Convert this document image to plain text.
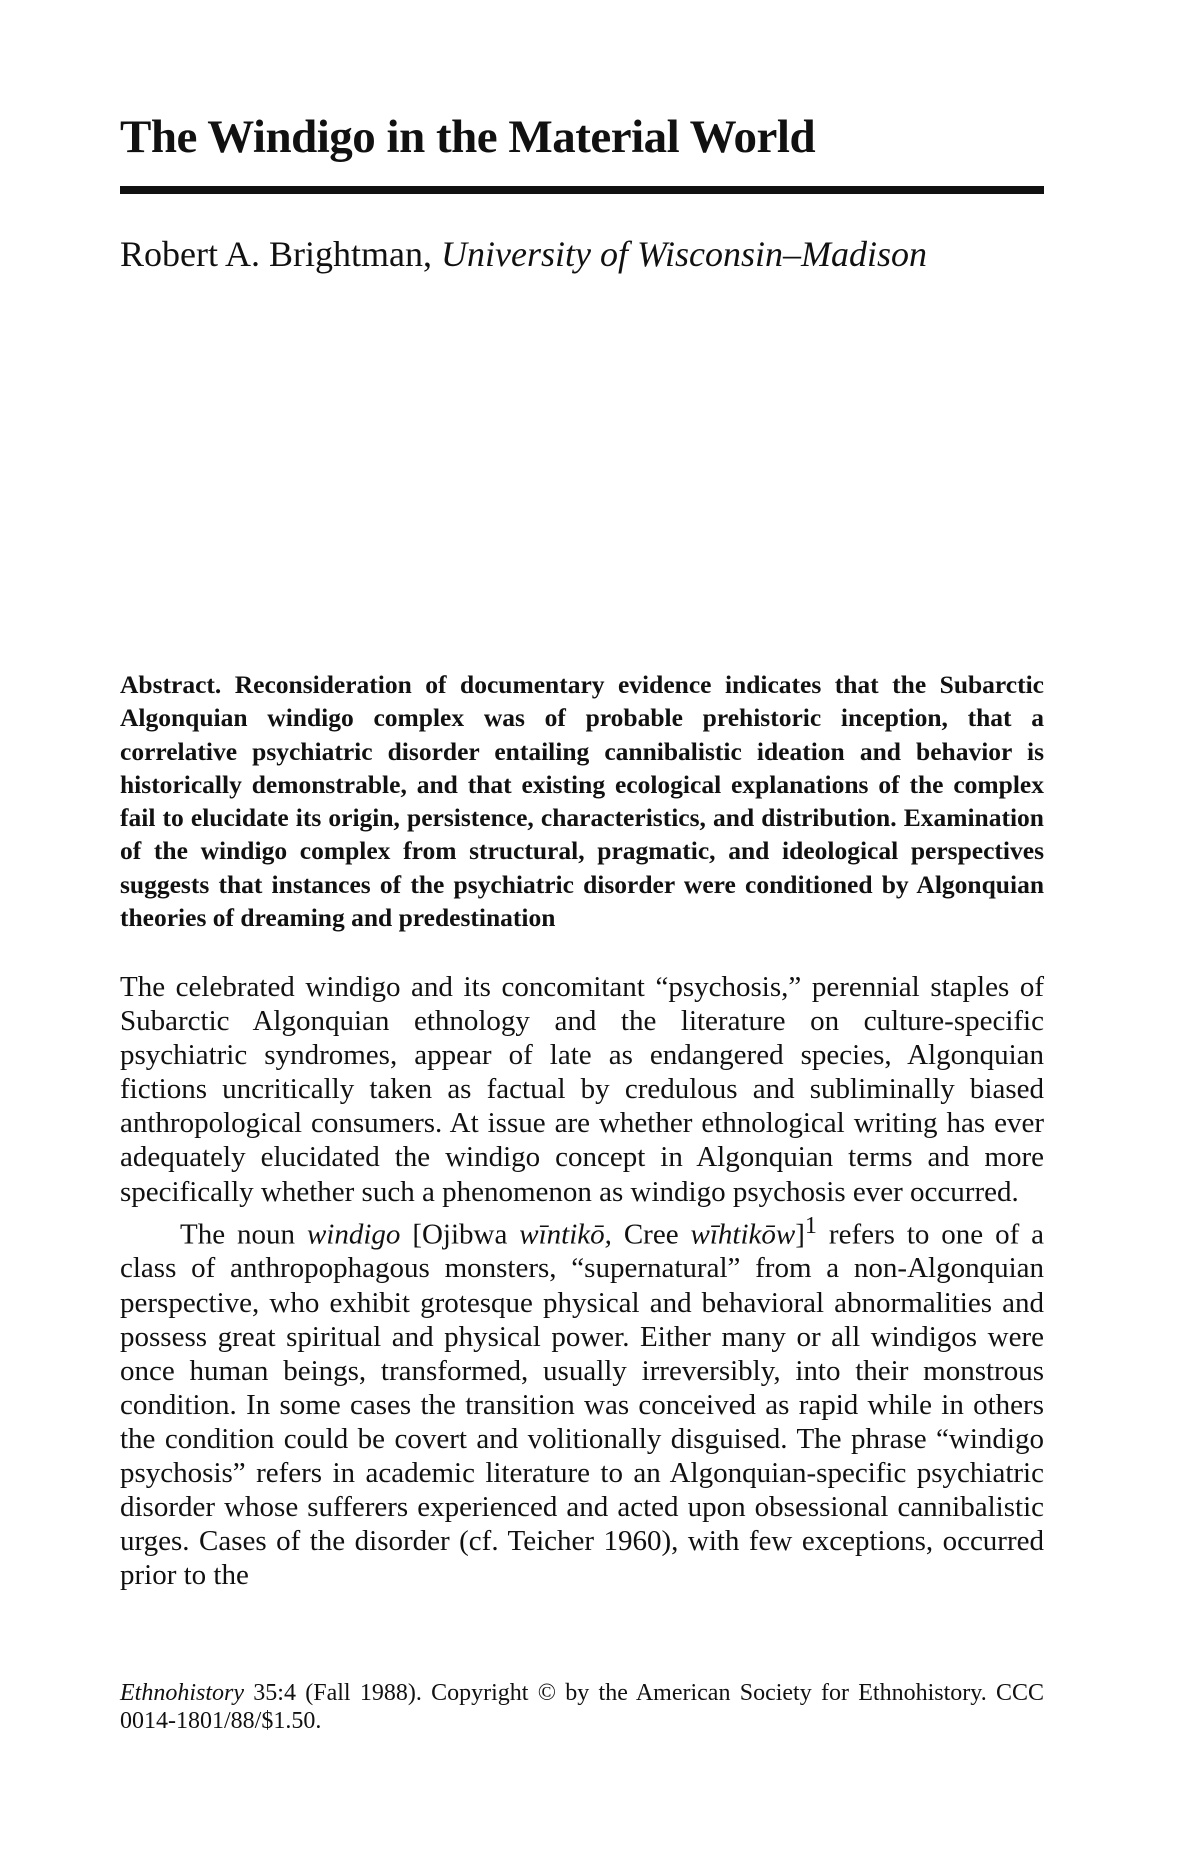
The Windigo in the Material World

Robert A. Brightman, University of Wisconsin–Madison

Abstract. Reconsideration of documentary evidence indicates that the Subarctic Algonquian windigo complex was of probable prehistoric inception, that a correlative psychiatric disorder entailing cannibalistic ideation and behavior is historically demonstrable, and that existing ecological explanations of the complex fail to elucidate its origin, persistence, characteristics, and distribution. Examination of the windigo complex from structural, pragmatic, and ideological perspectives suggests that instances of the psychiatric disorder were conditioned by Algonquian theories of dreaming and predestination

The celebrated windigo and its concomitant “psychosis,” perennial staples of Subarctic Algonquian ethnology and the literature on culture-specific psychiatric syndromes, appear of late as endangered species, Algonquian fictions uncritically taken as factual by credulous and subliminally biased anthropological consumers. At issue are whether ethnological writing has ever adequately elucidated the windigo concept in Algonquian terms and more specifically whether such a phenomenon as windigo psychosis ever occurred.

The noun windigo [Ojibwa wīntikō, Cree wīhtikōw]$^1$ refers to one of a class of anthropophagous monsters, “supernatural” from a non-Algonquian perspective, who exhibit grotesque physical and behavioral abnormalities and possess great spiritual and physical power. Either many or all windigos were once human beings, transformed, usually irreversibly, into their monstrous condition. In some cases the transition was conceived as rapid while in others the condition could be covert and volitionally disguised. The phrase “windigo psychosis” refers in academic literature to an Algonquian-specific psychiatric disorder whose sufferers experienced and acted upon obsessional cannibalistic urges. Cases of the disorder (cf. Teicher 1960), with few exceptions, occurred prior to the

Ethnohistory 35:4 (Fall 1988). Copyright © by the American Society for Ethnohistory. CCC 0014-1801/88/$1.50.
